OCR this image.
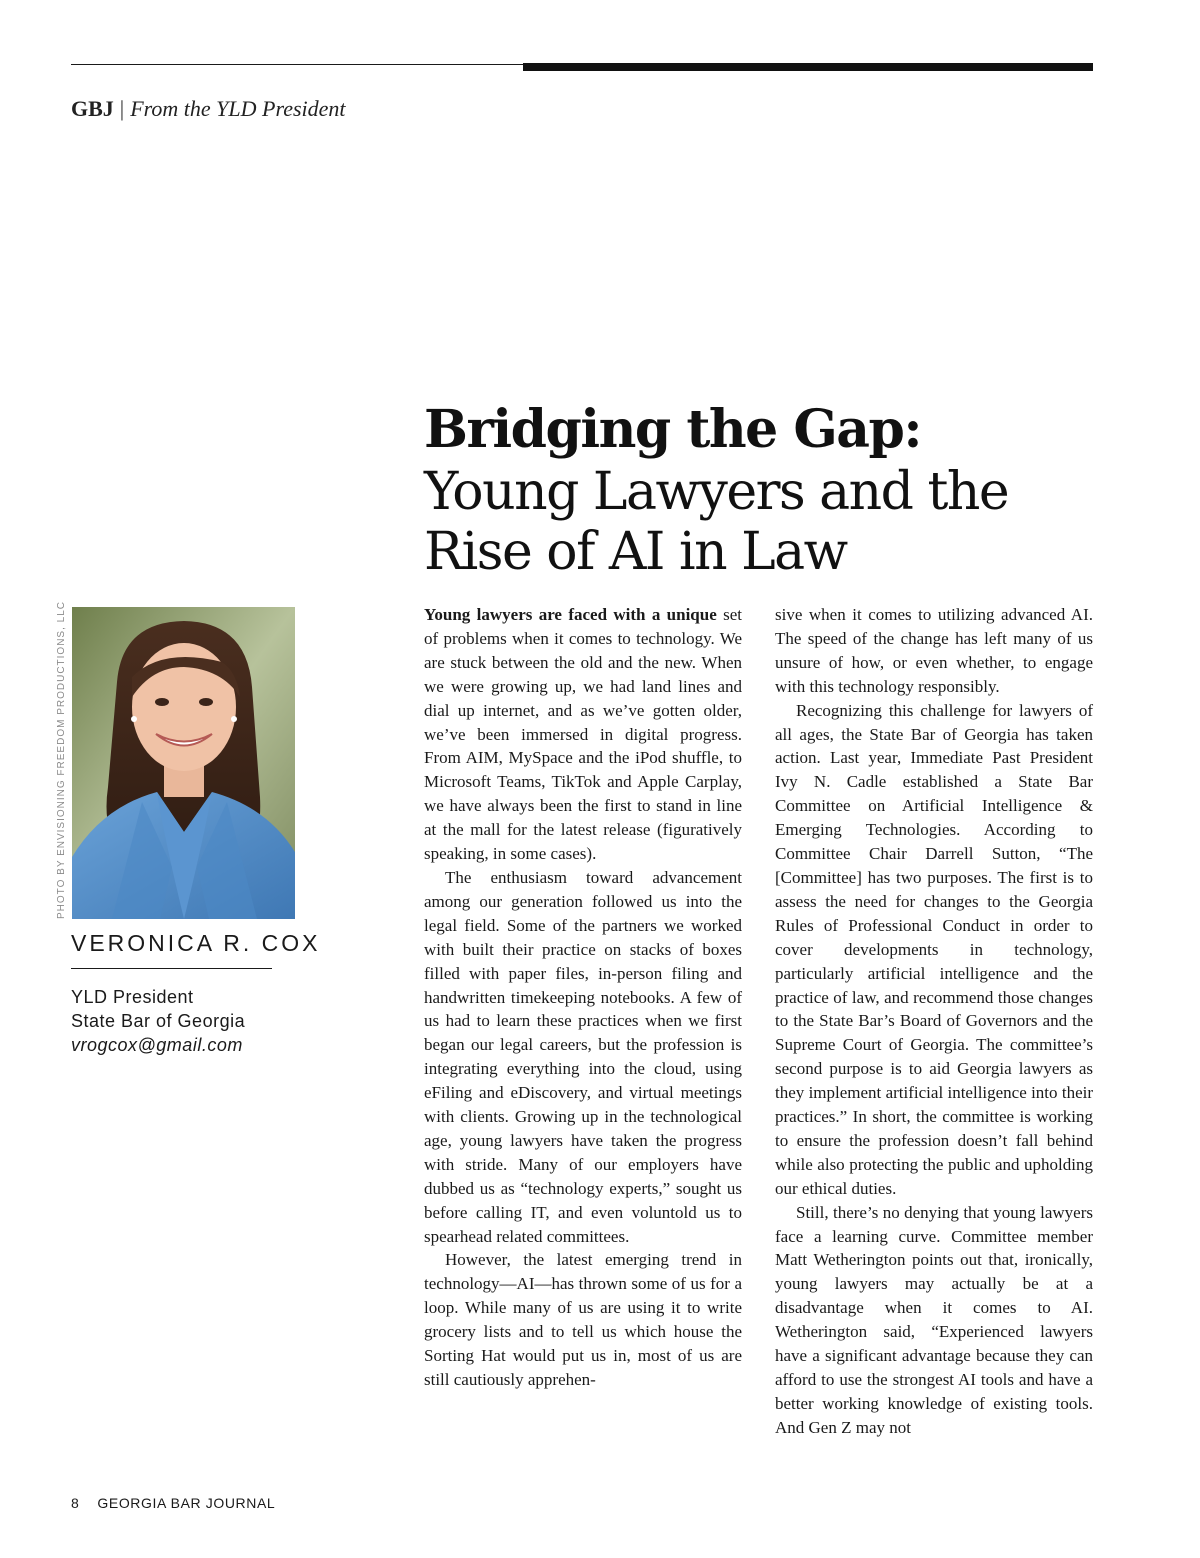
GBJ | From the YLD President
Bridging the Gap:
Young Lawyers and the
Rise of AI in Law
PHOTO BY ENVISIONING FREEDOM PRODUCTIONS, LLC
VERONICA R. COX
YLD President
State Bar of Georgia
vrogcox@gmail.com

Young lawyers are faced with a unique set of problems when it comes to technology. We are stuck between the old and the new. When we were growing up, we had land lines and dial up internet, and as we’ve gotten older, we’ve been immersed in digital progress. From AIM, MySpace and the iPod shuffle, to Microsoft Teams, TikTok and Apple Carplay, we have always been the first to stand in line at the mall for the latest release (figuratively speaking, in some cases).

The enthusiasm toward advancement among our generation followed us into the legal field. Some of the partners we worked with built their practice on stacks of boxes filled with paper files, in-person filing and handwritten timekeeping notebooks. A few of us had to learn these practices when we first began our legal careers, but the profession is integrating everything into the cloud, using eFiling and eDiscovery, and virtual meetings with clients. Growing up in the technological age, young lawyers have taken the progress with stride. Many of our employers have dubbed us as “technology experts,” sought us before calling IT, and even voluntold us to spearhead related committees.

However, the latest emerging trend in technology—AI—has thrown some of us for a loop. While many of us are using it to write grocery lists and to tell us which house the Sorting Hat would put us in, most of us are still cautiously apprehen-

sive when it comes to utilizing advanced AI. The speed of the change has left many of us unsure of how, or even whether, to engage with this technology responsibly.

Recognizing this challenge for lawyers of all ages, the State Bar of Georgia has taken action. Last year, Immediate Past President Ivy N. Cadle established a State Bar Committee on Artificial Intelligence & Emerging Technologies. According to Committee Chair Darrell Sutton, “The [Committee] has two purposes. The first is to assess the need for changes to the Georgia Rules of Professional Conduct in order to cover developments in technology, particularly artificial intelligence and the practice of law, and recommend those changes to the State Bar’s Board of Governors and the Supreme Court of Georgia. The committee’s second purpose is to aid Georgia lawyers as they implement artificial intelligence into their practices.” In short, the committee is working to ensure the profession doesn’t fall behind while also protecting the public and upholding our ethical duties.

Still, there’s no denying that young lawyers face a learning curve. Committee member Matt Wetherington points out that, ironically, young lawyers may actually be at a disadvantage when it comes to AI. Wetherington said, “Experienced lawyers have a significant advantage because they can afford to use the strongest AI tools and have a better working knowledge of existing tools. And Gen Z may not

8 GEORGIA BAR JOURNAL
